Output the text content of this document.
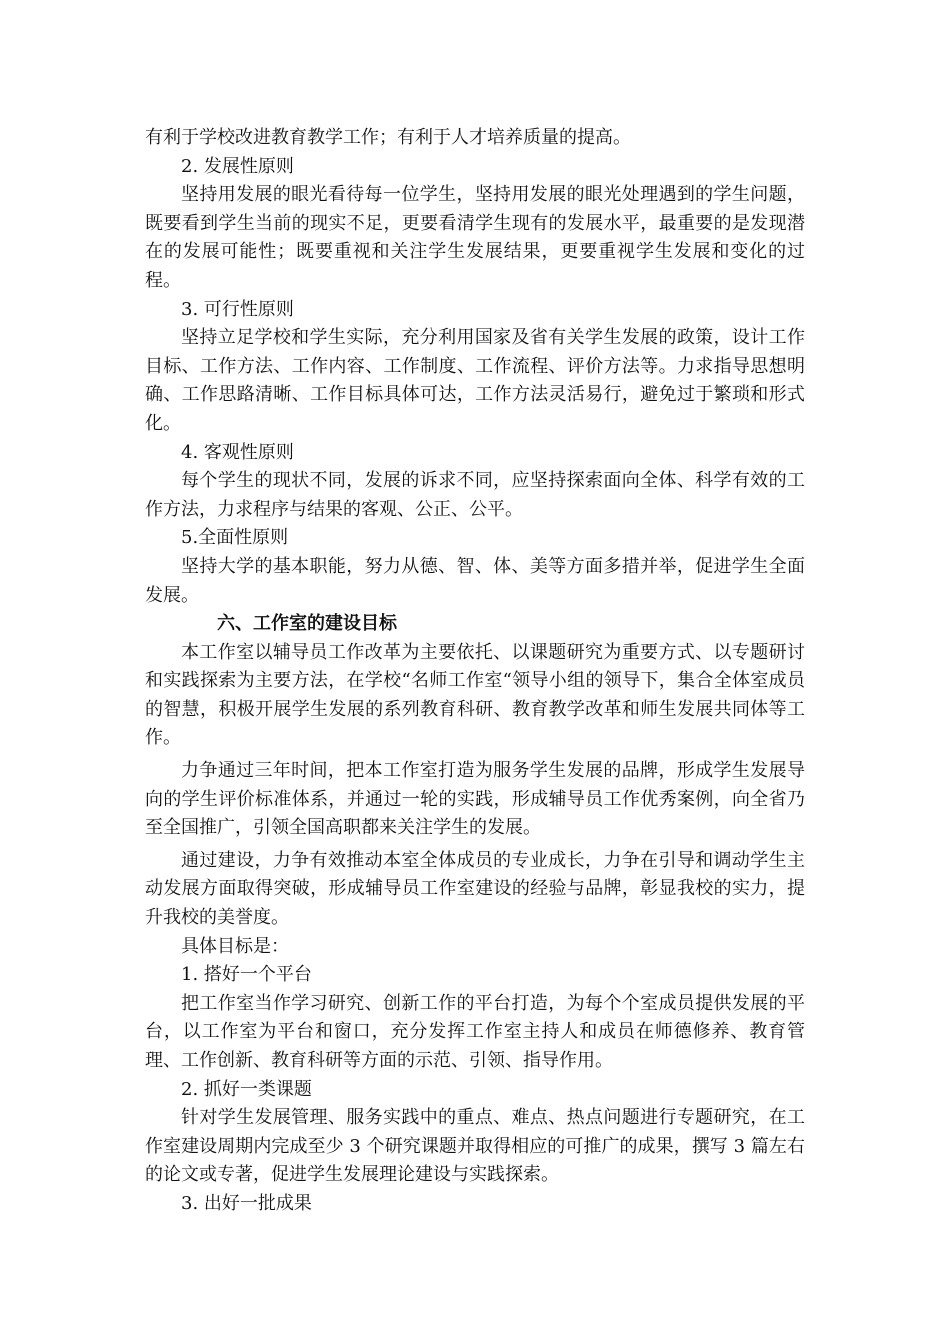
有利于学校改进教育教学工作；有利于人才培养质量的提高。

2. 发展性原则

坚持用发展的眼光看待每一位学生，坚持用发展的眼光处理遇到的学生问题，既要看到学生当前的现实不足，更要看清学生现有的发展水平，最重要的是发现潜在的发展可能性；既要重视和关注学生发展结果，更要重视学生发展和变化的过程。

3. 可行性原则

坚持立足学校和学生实际，充分利用国家及省有关学生发展的政策，设计工作目标、工作方法、工作内容、工作制度、工作流程、评价方法等。力求指导思想明确、工作思路清晰、工作目标具体可达，工作方法灵活易行，避免过于繁琐和形式化。

4. 客观性原则

每个学生的现状不同，发展的诉求不同，应坚持探索面向全体、科学有效的工作方法，力求程序与结果的客观、公正、公平。

5.全面性原则

坚持大学的基本职能，努力从德、智、体、美等方面多措并举，促进学生全面发展。

六、工作室的建设目标

本工作室以辅导员工作改革为主要依托、以课题研究为重要方式、以专题研讨和实践探索为主要方法，在学校“名师工作室“领导小组的领导下，集合全体室成员的智慧，积极开展学生发展的系列教育科研、教育教学改革和师生发展共同体等工作。

力争通过三年时间，把本工作室打造为服务学生发展的品牌，形成学生发展导向的学生评价标准体系，并通过一轮的实践，形成辅导员工作优秀案例，向全省乃至全国推广，引领全国高职都来关注学生的发展。

通过建设，力争有效推动本室全体成员的专业成长，力争在引导和调动学生主动发展方面取得突破，形成辅导员工作室建设的经验与品牌，彰显我校的实力，提升我校的美誉度。

具体目标是：

1. 搭好一个平台

把工作室当作学习研究、创新工作的平台打造，为每个个室成员提供发展的平台，以工作室为平台和窗口，充分发挥工作室主持人和成员在师德修养、教育管理、工作创新、教育科研等方面的示范、引领、指导作用。

2. 抓好一类课题

针对学生发展管理、服务实践中的重点、难点、热点问题进行专题研究，在工作室建设周期内完成至少 3 个研究课题并取得相应的可推广的成果，撰写 3 篇左右的论文或专著，促进学生发展理论建设与实践探索。

3. 出好一批成果
